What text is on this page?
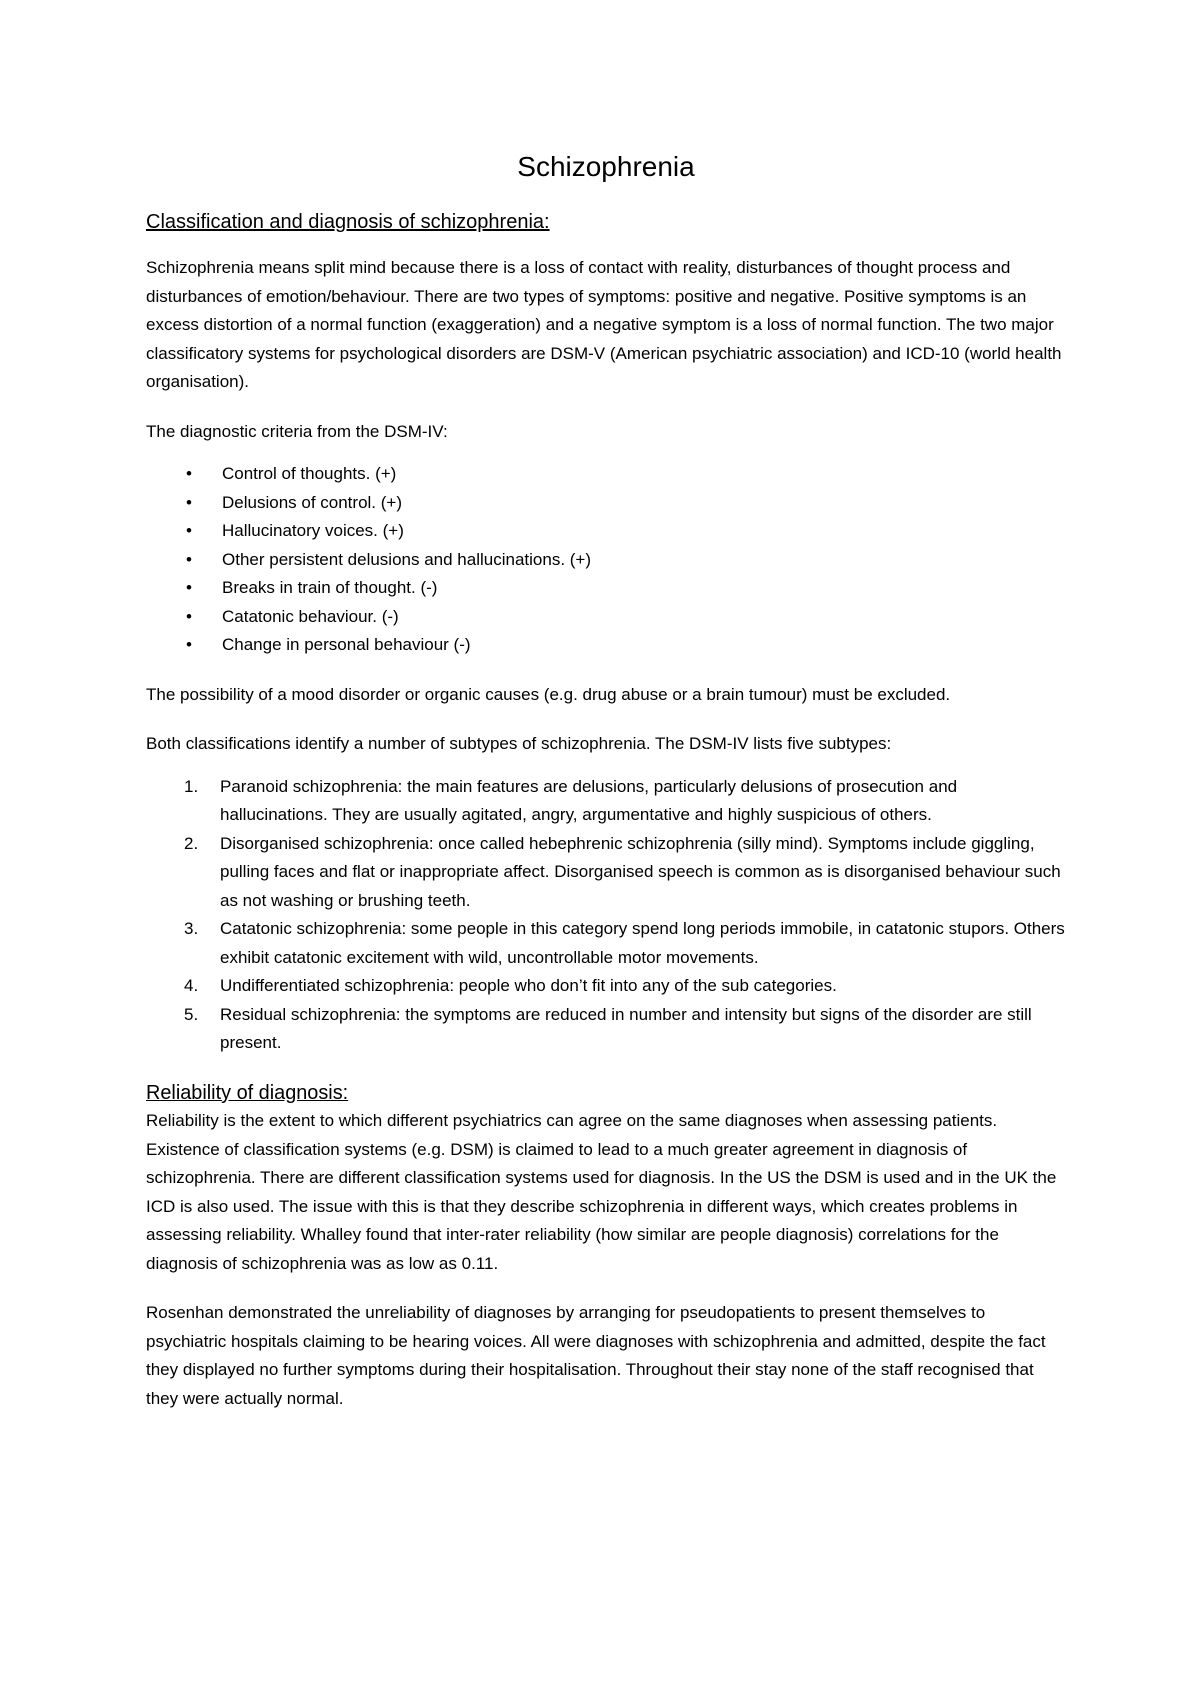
Schizophrenia
Classification and diagnosis of schizophrenia:

Schizophrenia means split mind because there is a loss of contact with reality, disturbances of thought process and disturbances of emotion/behaviour. There are two types of symptoms: positive and negative. Positive symptoms is an excess distortion of a normal function (exaggeration) and a negative symptom is a loss of normal function. The two major classificatory systems for psychological disorders are DSM-V (American psychiatric association) and ICD-10 (world health organisation).

The diagnostic criteria from the DSM-IV:

• Control of thoughts. (+)
• Delusions of control. (+)
• Hallucinatory voices. (+)
• Other persistent delusions and hallucinations. (+)
• Breaks in train of thought. (-)
• Catatonic behaviour. (-)
• Change in personal behaviour (-)

The possibility of a mood disorder or organic causes (e.g. drug abuse or a brain tumour) must be excluded.

Both classifications identify a number of subtypes of schizophrenia. The DSM-IV lists five subtypes:

1. Paranoid schizophrenia: the main features are delusions, particularly delusions of prosecution and hallucinations. They are usually agitated, angry, argumentative and highly suspicious of others.
2. Disorganised schizophrenia: once called hebephrenic schizophrenia (silly mind). Symptoms include giggling, pulling faces and flat or inappropriate affect. Disorganised speech is common as is disorganised behaviour such as not washing or brushing teeth.
3. Catatonic schizophrenia: some people in this category spend long periods immobile, in catatonic stupors. Others exhibit catatonic excitement with wild, uncontrollable motor movements.
4. Undifferentiated schizophrenia: people who don’t fit into any of the sub categories.
5. Residual schizophrenia: the symptoms are reduced in number and intensity but signs of the disorder are still present.
Reliability of diagnosis:

Reliability is the extent to which different psychiatrics can agree on the same diagnoses when assessing patients. Existence of classification systems (e.g. DSM) is claimed to lead to a much greater agreement in diagnosis of schizophrenia. There are different classification systems used for diagnosis. In the US the DSM is used and in the UK the ICD is also used. The issue with this is that they describe schizophrenia in different ways, which creates problems in assessing reliability. Whalley found that inter-rater reliability (how similar are people diagnosis) correlations for the diagnosis of schizophrenia was as low as 0.11.

Rosenhan demonstrated the unreliability of diagnoses by arranging for pseudopatients to present themselves to psychiatric hospitals claiming to be hearing voices. All were diagnoses with schizophrenia and admitted, despite the fact they displayed no further symptoms during their hospitalisation. Throughout their stay none of the staff recognised that they were actually normal.
